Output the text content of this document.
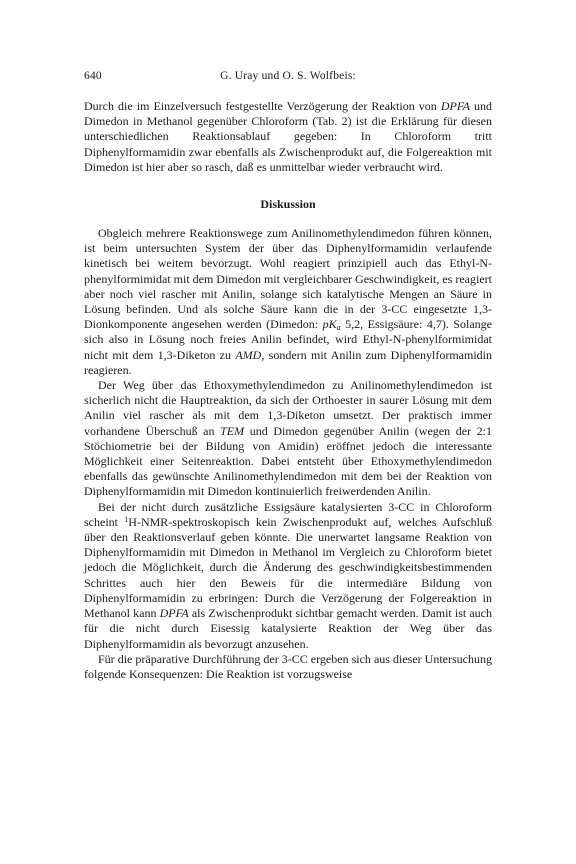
640	G. Uray und O. S. Wolfbeis:

Durch die im Einzelversuch festgestellte Verzögerung der Reaktion von DPFA und Dimedon in Methanol gegenüber Chloroform (Tab. 2) ist die Erklärung für diesen unterschiedlichen Reaktionsablauf gegeben: In Chloroform tritt Diphenylformamidin zwar ebenfalls als Zwischenprodukt auf, die Folgereaktion mit Dimedon ist hier aber so rasch, daß es unmittelbar wieder verbraucht wird.

Diskussion

Obgleich mehrere Reaktionswege zum Anilinomethylendimedon führen können, ist beim untersuchten System der über das Diphenylformamidin verlaufende kinetisch bei weitem bevorzugt. Wohl reagiert prinzipiell auch das Ethyl-N-phenylformimidat mit dem Dimedon mit vergleichbarer Geschwindigkeit, es reagiert aber noch viel rascher mit Anilin, solange sich katalytische Mengen an Säure in Lösung befinden. Und als solche Säure kann die in der 3-CC eingesetzte 1,3-Dionkomponente angesehen werden (Dimedon: $pK_a$ 5,2, Essigsäure: 4,7). Solange sich also in Lösung noch freies Anilin befindet, wird Ethyl-N-phenylformimidat nicht mit dem 1,3-Diketon zu AMD, sondern mit Anilin zum Diphenylformamidin reagieren.

Der Weg über das Ethoxymethylendimedon zu Anilinomethylendimedon ist sicherlich nicht die Hauptreaktion, da sich der Orthoester in saurer Lösung mit dem Anilin viel rascher als mit dem 1,3-Diketon umsetzt. Der praktisch immer vorhandene Überschuß an TEM und Dimedon gegenüber Anilin (wegen der 2:1 Stöchiometrie bei der Bildung von Amidin) eröffnet jedoch die interessante Möglichkeit einer Seitenreaktion. Dabei entsteht über Ethoxymethylendimedon ebenfalls das gewünschte Anilinomethylendimedon mit dem bei der Reaktion von Diphenylformamidin mit Dimedon kontinuierlich freiwerdenden Anilin.

Bei der nicht durch zusätzliche Essigsäure katalysierten 3-CC in Chloroform scheint $^1$H-NMR-spektroskopisch kein Zwischenprodukt auf, welches Aufschluß über den Reaktionsverlauf geben könnte. Die unerwartet langsame Reaktion von Diphenylformamidin mit Dimedon in Methanol im Vergleich zu Chloroform bietet jedoch die Möglichkeit, durch die Änderung des geschwindigkeitsbestimmenden Schrittes auch hier den Beweis für die intermediäre Bildung von Diphenylformamidin zu erbringen: Durch die Verzögerung der Folgereaktion in Methanol kann DPFA als Zwischenprodukt sichtbar gemacht werden. Damit ist auch für die nicht durch Eisessig katalysierte Reaktion der Weg über das Diphenylformamidin als bevorzugt anzusehen.

Für die präparative Durchführung der 3-CC ergeben sich aus dieser Untersuchung folgende Konsequenzen: Die Reaktion ist vorzugsweise
